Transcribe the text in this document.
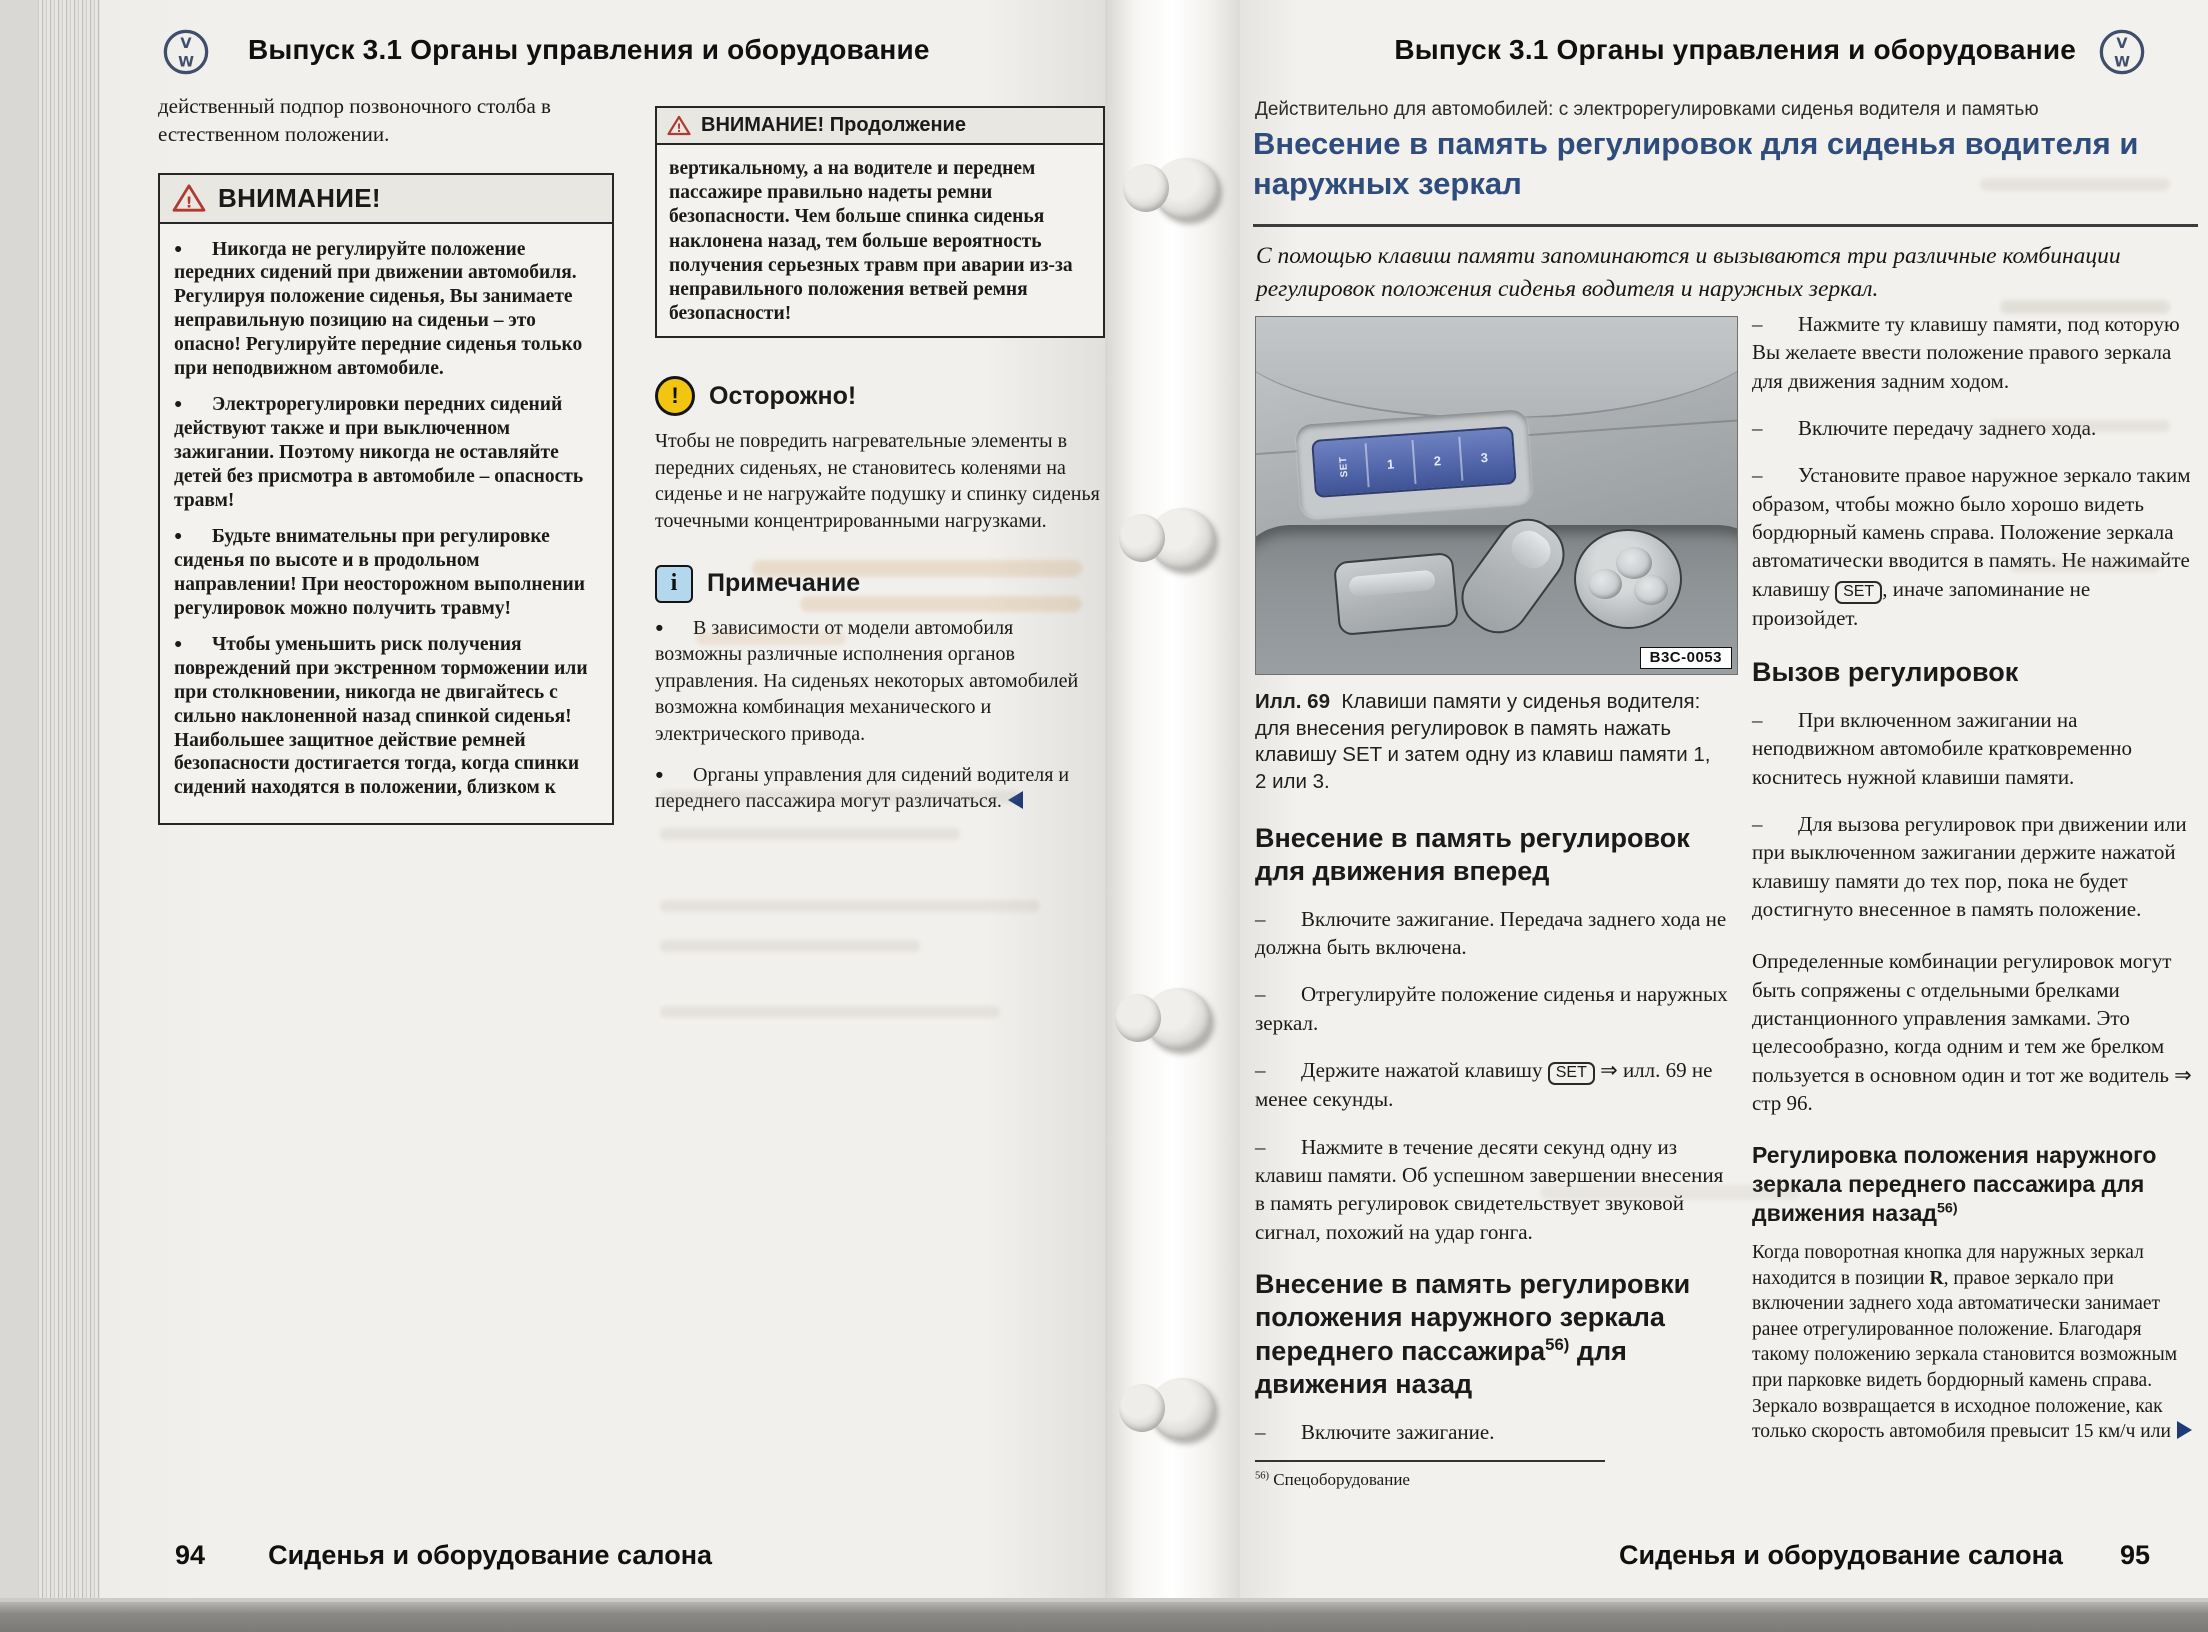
V
W Выпуск 3.1 Органы управления и оборудование
действенный подпор позвоночного столба в естественном положении.
! ВНИМАНИЕ!

● Никогда не регулируйте положение передних сидений при движении автомобиля. Регулируя положение сиденья, Вы занимаете неправильную позицию на сиденьи – это опасно! Регулируйте передние сиденья только при неподвижном автомобиле.

● Электрорегулировки передних сидений действуют также и при выключенном зажигании. Поэтому никогда не оставляйте детей без присмотра в автомобиле – опасность травм!

● Будьте внимательны при регулировке сиденья по высоте и в продольном направлении! При неосторожном выполнении регулировок можно получить травму!

● Чтобы уменьшить риск получения повреждений при экстренном торможении или при столкновении, никогда не двигайтесь с сильно наклоненной назад спинкой сиденья! Наибольшее защитное действие ремней безопасности достигается тогда, когда спинки сидений находятся в положении, близком к

! ВНИМАНИЕ! Продолжение
вертикальному, а на водителе и переднем пассажире правильно надеты ремни безопасности. Чем больше спинка сиденья наклонена назад, тем больше вероятность получения серьезных травм при аварии из-за неправильного положения ветвей ремня безопасности!
!	Осторожно!

Чтобы не повредить нагревательные элементы в передних сиденьях, не становитесь коленями на сиденье и не нагружайте подушку и спинку сиденья точечными концентрированными нагрузками.

i	Примечание

● В зависимости от модели автомобиля возможны различные исполнения органов управления. На сиденьях некоторых автомобилей возможна комбинация механического и электрического привода.

● Органы управления для сидений водителя и переднего пассажира могут различаться.

94 Сиденья и оборудование салона
Выпуск 3.1 Органы управления и оборудование	V
W
Действительно для автомобилей: с электрорегулировками сиденья водителя и памятью
Внесение в память регулировок для сиденья водителя и наружных зеркал
С помощью клавиш памяти запоминаются и вызываются три различные комбинации регулировок положения сиденья водителя и наружных зеркал.
SET	1	2	3
B3C-0053
Илл. 69 Клавиши памяти у сиденья водителя: для внесения регулировок в память нажать клавишу SET и затем одну из клавиш памяти 1, 2 или 3.
Внесение в память регулировок для движения вперед

– Включите зажигание. Передача заднего хода не должна быть включена.

– Отрегулируйте положение сиденья и наружных зеркал.

– Держите нажатой клавишу SET ⇒ илл. 69 не менее секунды.

– Нажмите в течение десяти секунд одну из клавиш памяти. Об успешном завершении внесения в память регулировок свидетельствует звуковой сигнал, похожий на удар гонга.

Внесение в память регулировки положения наружного зеркала переднего пассажира$^{56)}$ для движения назад

– Включите зажигание.

$^{56)}$ Спецоборудование

– Нажмите ту клавишу памяти, под которую Вы желаете ввести положение правого зеркала для движения задним ходом.

– Включите передачу заднего хода.

– Установите правое наружное зеркало таким образом, чтобы можно было хорошо видеть бордюрный камень справа. Положение зеркала автоматически вводится в память. Не нажимайте клавишу SET , иначе запоминание не произойдет.

Вызов регулировок

– При включенном зажигании на неподвижном автомобиле кратковременно коснитесь нужной клавиши памяти.

– Для вызова регулировок при движении или при выключенном зажигании держите нажатой клавишу памяти до тех пор, пока не будет достигнуто внесенное в память положение.

Определенные комбинации регулировок могут быть сопряжены с отдельными брелками дистанционного управления замками. Это целесообразно, когда одним и тем же брелком пользуется в основном один и тот же водитель ⇒ стр 96.

Регулировка положения наружного зеркала переднего пассажира для движения назад$^{56)}$

Когда поворотная кнопка для наружных зеркал находится в позиции R, правое зеркало при включении заднего хода автоматически занимает ранее отрегулированное положение. Благодаря такому положению зеркала становится возможным при парковке видеть бордюрный камень справа. Зеркало возвращается в исходное положение, как только скорость автомобиля превысит 15 км/ч или

Сиденья и оборудование салона 95
